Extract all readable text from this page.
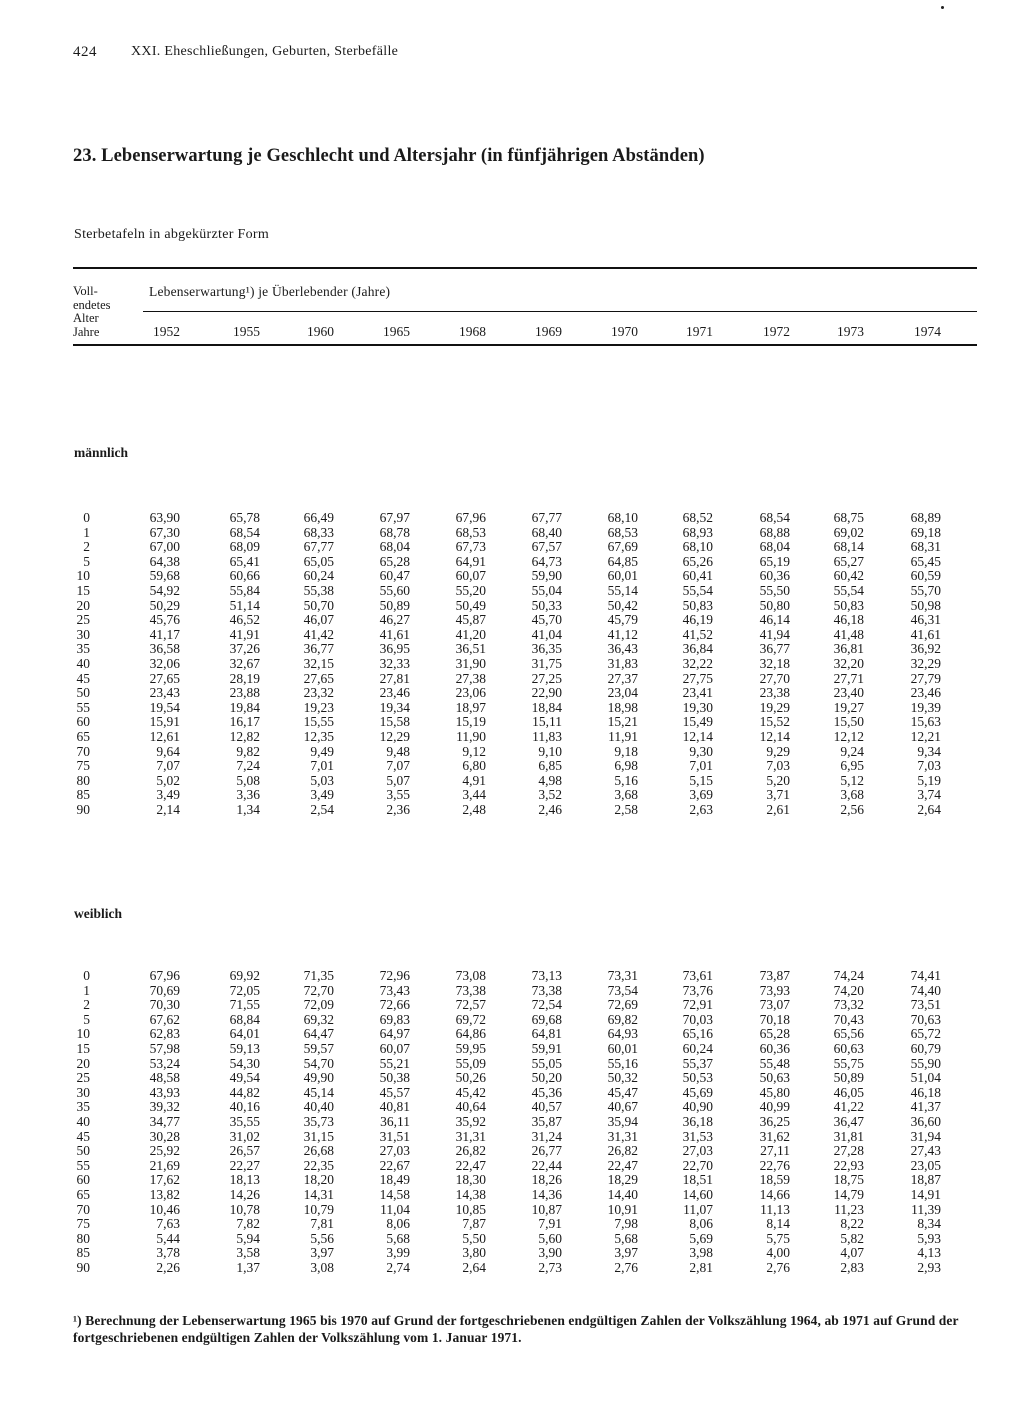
424 XXI. Eheschließungen, Geburten, Sterbefälle
23. Lebenserwartung je Geschlecht und Altersjahr (in fünfjährigen Abständen)
Sterbetafeln in abgekürzter Form
Voll-
endetes
Alter
Jahre
Lebenserwartung¹) je Überlebender (Jahre)
1952	1955	1960	1965	1968	1969	1970	1971	1972	1973	1974
männlich
0	63,90	65,78	66,49	67,97	67,96	67,77	68,10	68,52	68,54	68,75	68,89
1	67,30	68,54	68,33	68,78	68,53	68,40	68,53	68,93	68,88	69,02	69,18
2	67,00	68,09	67,77	68,04	67,73	67,57	67,69	68,10	68,04	68,14	68,31
5	64,38	65,41	65,05	65,28	64,91	64,73	64,85	65,26	65,19	65,27	65,45
10	59,68	60,66	60,24	60,47	60,07	59,90	60,01	60,41	60,36	60,42	60,59
15	54,92	55,84	55,38	55,60	55,20	55,04	55,14	55,54	55,50	55,54	55,70
20	50,29	51,14	50,70	50,89	50,49	50,33	50,42	50,83	50,80	50,83	50,98
25	45,76	46,52	46,07	46,27	45,87	45,70	45,79	46,19	46,14	46,18	46,31
30	41,17	41,91	41,42	41,61	41,20	41,04	41,12	41,52	41,94	41,48	41,61
35	36,58	37,26	36,77	36,95	36,51	36,35	36,43	36,84	36,77	36,81	36,92
40	32,06	32,67	32,15	32,33	31,90	31,75	31,83	32,22	32,18	32,20	32,29
45	27,65	28,19	27,65	27,81	27,38	27,25	27,37	27,75	27,70	27,71	27,79
50	23,43	23,88	23,32	23,46	23,06	22,90	23,04	23,41	23,38	23,40	23,46
55	19,54	19,84	19,23	19,34	18,97	18,84	18,98	19,30	19,29	19,27	19,39
60	15,91	16,17	15,55	15,58	15,19	15,11	15,21	15,49	15,52	15,50	15,63
65	12,61	12,82	12,35	12,29	11,90	11,83	11,91	12,14	12,14	12,12	12,21
70	9,64	9,82	9,49	9,48	9,12	9,10	9,18	9,30	9,29	9,24	9,34
75	7,07	7,24	7,01	7,07	6,80	6,85	6,98	7,01	7,03	6,95	7,03
80	5,02	5,08	5,03	5,07	4,91	4,98	5,16	5,15	5,20	5,12	5,19
85	3,49	3,36	3,49	3,55	3,44	3,52	3,68	3,69	3,71	3,68	3,74
90	2,14	1,34	2,54	2,36	2,48	2,46	2,58	2,63	2,61	2,56	2,64
weiblich
0	67,96	69,92	71,35	72,96	73,08	73,13	73,31	73,61	73,87	74,24	74,41
1	70,69	72,05	72,70	73,43	73,38	73,38	73,54	73,76	73,93	74,20	74,40
2	70,30	71,55	72,09	72,66	72,57	72,54	72,69	72,91	73,07	73,32	73,51
5	67,62	68,84	69,32	69,83	69,72	69,68	69,82	70,03	70,18	70,43	70,63
10	62,83	64,01	64,47	64,97	64,86	64,81	64,93	65,16	65,28	65,56	65,72
15	57,98	59,13	59,57	60,07	59,95	59,91	60,01	60,24	60,36	60,63	60,79
20	53,24	54,30	54,70	55,21	55,09	55,05	55,16	55,37	55,48	55,75	55,90
25	48,58	49,54	49,90	50,38	50,26	50,20	50,32	50,53	50,63	50,89	51,04
30	43,93	44,82	45,14	45,57	45,42	45,36	45,47	45,69	45,80	46,05	46,18
35	39,32	40,16	40,40	40,81	40,64	40,57	40,67	40,90	40,99	41,22	41,37
40	34,77	35,55	35,73	36,11	35,92	35,87	35,94	36,18	36,25	36,47	36,60
45	30,28	31,02	31,15	31,51	31,31	31,24	31,31	31,53	31,62	31,81	31,94
50	25,92	26,57	26,68	27,03	26,82	26,77	26,82	27,03	27,11	27,28	27,43
55	21,69	22,27	22,35	22,67	22,47	22,44	22,47	22,70	22,76	22,93	23,05
60	17,62	18,13	18,20	18,49	18,30	18,26	18,29	18,51	18,59	18,75	18,87
65	13,82	14,26	14,31	14,58	14,38	14,36	14,40	14,60	14,66	14,79	14,91
70	10,46	10,78	10,79	11,04	10,85	10,87	10,91	11,07	11,13	11,23	11,39
75	7,63	7,82	7,81	8,06	7,87	7,91	7,98	8,06	8,14	8,22	8,34
80	5,44	5,94	5,56	5,68	5,50	5,60	5,68	5,69	5,75	5,82	5,93
85	3,78	3,58	3,97	3,99	3,80	3,90	3,97	3,98	4,00	4,07	4,13
90	2,26	1,37	3,08	2,74	2,64	2,73	2,76	2,81	2,76	2,83	2,93
¹) Berechnung der Lebenserwartung 1965 bis 1970 auf Grund der fortgeschriebenen endgültigen Zahlen der Volkszählung 1964, ab 1971 auf Grund der fortgeschriebenen endgültigen Zahlen der Volkszählung vom 1. Januar 1971.
